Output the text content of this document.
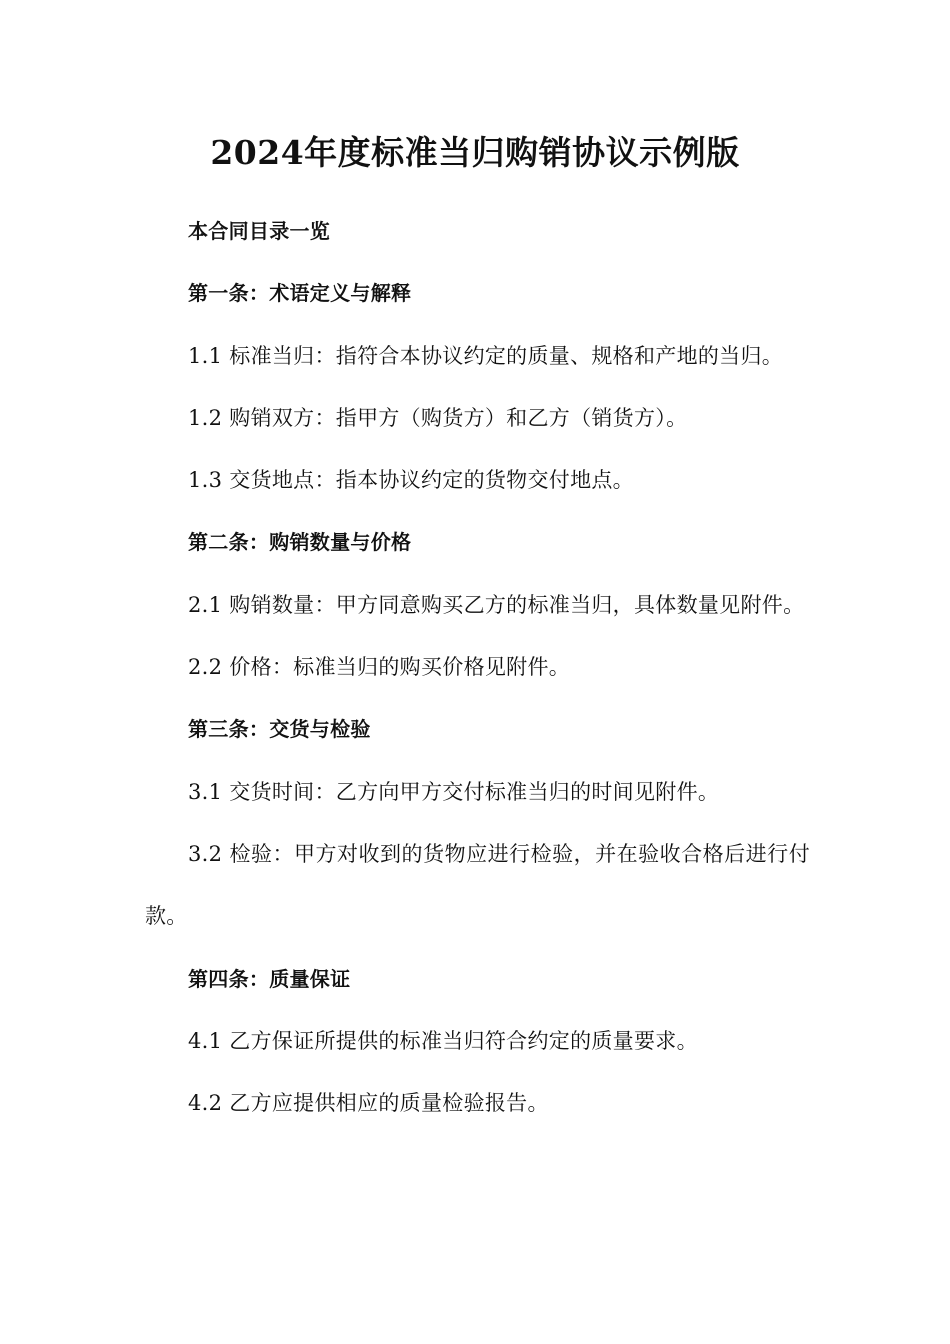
2024年度标准当归购销协议示例版

本合同目录一览

第一条：术语定义与解释

1.1 标准当归：指符合本协议约定的质量、规格和产地的当归。

1.2 购销双方：指甲方（购货方）和乙方（销货方）。

1.3 交货地点：指本协议约定的货物交付地点。

第二条：购销数量与价格

2.1 购销数量：甲方同意购买乙方的标准当归，具体数量见附件。

2.2 价格：标准当归的购买价格见附件。

第三条：交货与检验

3.1 交货时间：乙方向甲方交付标准当归的时间见附件。

3.2 检验：甲方对收到的货物应进行检验，并在验收合格后进行付款。

第四条：质量保证

4.1 乙方保证所提供的标准当归符合约定的质量要求。

4.2 乙方应提供相应的质量检验报告。
